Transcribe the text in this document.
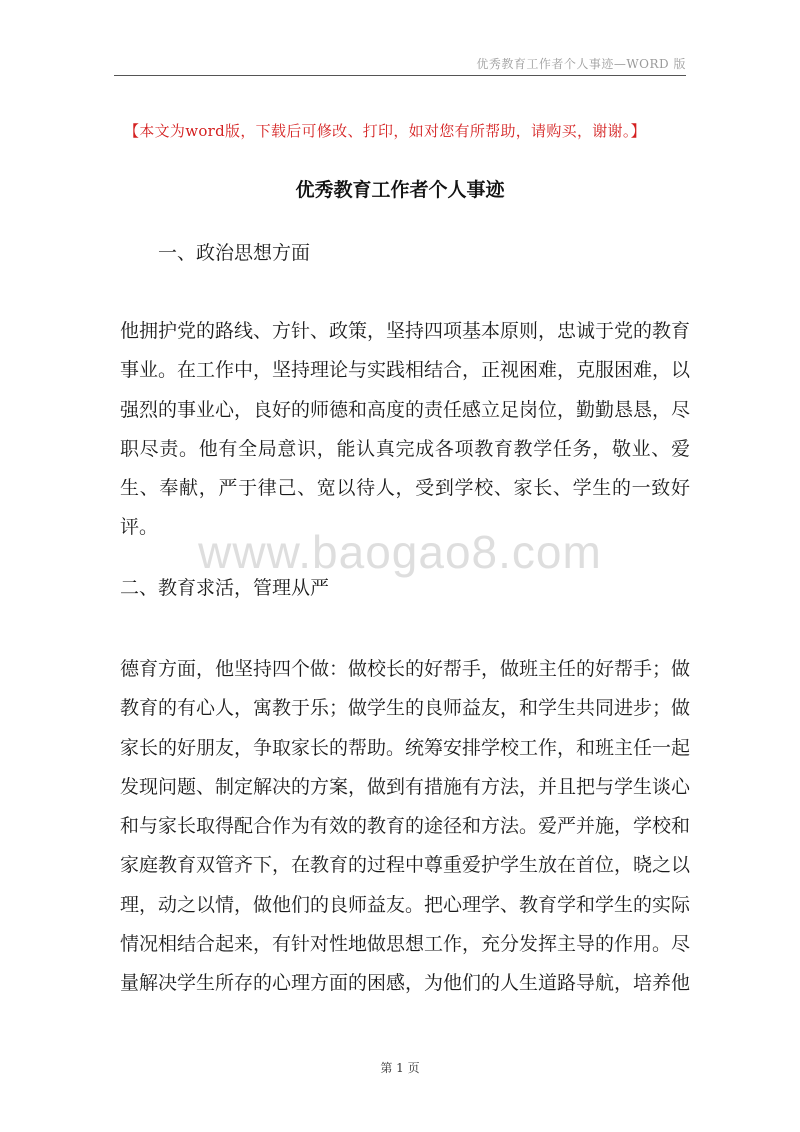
优秀教育工作者个人事迹—WORD 版
【本文为word版，下载后可修改、打印，如对您有所帮助，请购买，谢谢。】
优秀教育工作者个人事迹
一、政治思想方面

他拥护党的路线、方针、政策，坚持四项基本原则，忠诚于党的教育事业。在工作中，坚持理论与实践相结合，正视困难，克服困难，以强烈的事业心，良好的师德和高度的责任感立足岗位，勤勤恳恳，尽职尽责。他有全局意识，能认真完成各项教育教学任务，敬业、爱生、奉献，严于律己、宽以待人，受到学校、家长、学生的一致好评。 www.baogao8.com
二、教育求活，管理从严

德育方面，他坚持四个做：做校长的好帮手，做班主任的好帮手；做教育的有心人，寓教于乐；做学生的良师益友，和学生共同进步；做家长的好朋友，争取家长的帮助。统筹安排学校工作，和班主任一起发现问题、制定解决的方案，做到有措施有方法，并且把与学生谈心和与家长取得配合作为有效的教育的途径和方法。爱严并施，学校和家庭教育双管齐下，在教育的过程中尊重爱护学生放在首位，晓之以理，动之以情，做他们的良师益友。把心理学、教育学和学生的实际情况相结合起来，有针对性地做思想工作，充分发挥主导的作用。尽量解决学生所存的心理方面的困感，为他们的人生道路导航，培养他

第 1 页
